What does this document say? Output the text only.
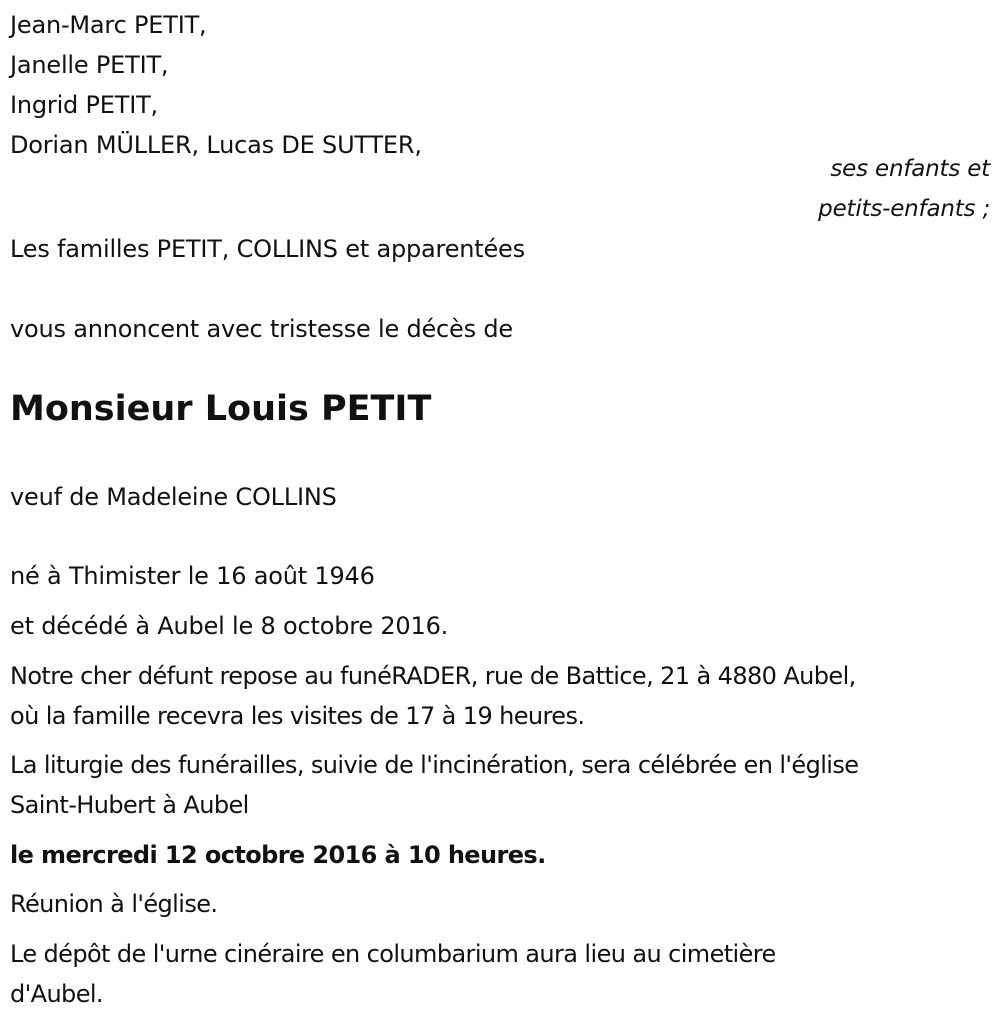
Jean-Marc PETIT,
Janelle PETIT,
Ingrid PETIT,
Dorian MÜLLER, Lucas DE SUTTER,
ses enfants et
petits-enfants ;
Les familles PETIT, COLLINS et apparentées
vous annoncent avec tristesse le décès de
Monsieur Louis PETIT
veuf de Madeleine COLLINS
né à Thimister le 16 août 1946
et décédé à Aubel le 8 octobre 2016.
Notre cher défunt repose au funéRADER, rue de Battice, 21 à 4880 Aubel,
où la famille recevra les visites de 17 à 19 heures.
La liturgie des funérailles, suivie de l'incinération, sera célébrée en l'église
Saint-Hubert à Aubel
le mercredi 12 octobre 2016 à 10 heures.
Réunion à l'église.
Le dépôt de l'urne cinéraire en columbarium aura lieu au cimetière
d'Aubel.
